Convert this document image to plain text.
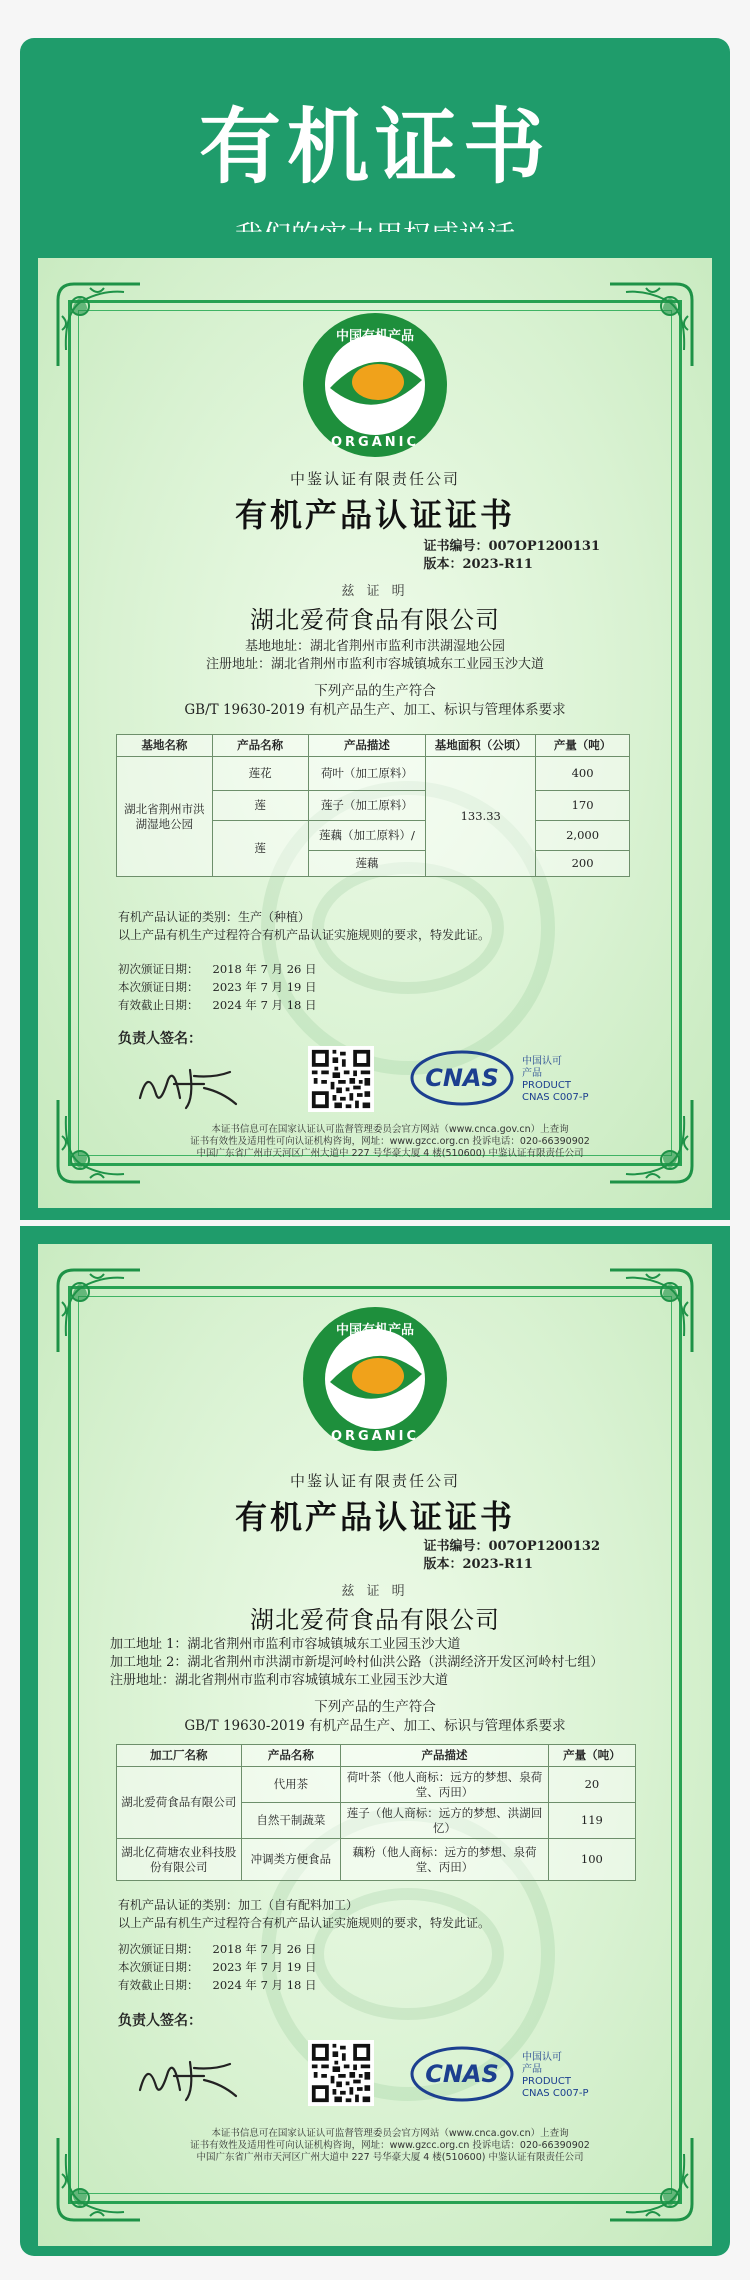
有机证书
中国有机产品
ORGANIC
中鉴认证有限责任公司
有机产品认证证书
证书编号：007OP1200131
版本：2023-R11
兹 证 明
湖北爱荷食品有限公司
基地地址：湖北省荆州市监利市洪湖湿地公园
注册地址：湖北省荆州市监利市容城镇城东工业园玉沙大道
下列产品的生产符合
GB/T 19630-2019 有机产品生产、加工、标识与管理体系要求
基地名称	产品名称	产品描述	基地面积（公顷）	产量（吨）
湖北省荆州市洪湖湿地公园	莲花	荷叶（加工原料）	133.33	400
	莲	莲子（加工原料）		170
	莲	莲藕（加工原料）/		2,000
		莲藕		200
有机产品认证的类别：生产（种植）
以上产品有机生产过程符合有机产品认证实施规则的要求，特发此证。
初次颁证日期： 2018 年 7 月 26 日
本次颁证日期： 2023 年 7 月 19 日
有效截止日期： 2024 年 7 月 18 日
负责人签名：
CNAS
中国认可
产品
PRODUCT
CNAS C007-P
本证书信息可在国家认证认可监督管理委员会官方网站（www.cnca.gov.cn）上查询
证书有效性及适用性可向认证机构咨询，网址：www.gzcc.org.cn 投诉电话：020-66390902
中国广东省广州市天河区广州大道中 227 号华豪大厦 4 楼(510600) 中鉴认证有限责任公司
中国有机产品
ORGANIC
中鉴认证有限责任公司
有机产品认证证书
证书编号：007OP1200132
版本：2023-R11
兹 证 明
湖北爱荷食品有限公司
加工地址 1：湖北省荆州市监利市容城镇城东工业园玉沙大道
加工地址 2：湖北省荆州市洪湖市新堤河岭村仙洪公路（洪湖经济开发区河岭村七组）
注册地址：湖北省荆州市监利市容城镇城东工业园玉沙大道
下列产品的生产符合
GB/T 19630-2019 有机产品生产、加工、标识与管理体系要求
加工厂名称	产品名称	产品描述	产量（吨）
湖北爱荷食品有限公司	代用茶	荷叶茶（他人商标：远方的梦想、泉荷堂、丙田）	20
	自然干制蔬菜	莲子（他人商标：远方的梦想、洪湖回忆）	119
湖北亿荷塘农业科技股份有限公司	冲调类方便食品	藕粉（他人商标：远方的梦想、泉荷堂、丙田）	100
有机产品认证的类别：加工（自有配料加工）
以上产品有机生产过程符合有机产品认证实施规则的要求，特发此证。
初次颁证日期： 2018 年 7 月 26 日
本次颁证日期： 2023 年 7 月 19 日
有效截止日期： 2024 年 7 月 18 日
负责人签名：
CNAS
中国认可
产品
PRODUCT
CNAS C007-P
本证书信息可在国家认证认可监督管理委员会官方网站（www.cnca.gov.cn）上查询
证书有效性及适用性可向认证机构咨询，网址：www.gzcc.org.cn 投诉电话：020-66390902
中国广东省广州市天河区广州大道中 227 号华豪大厦 4 楼(510600) 中鉴认证有限责任公司
